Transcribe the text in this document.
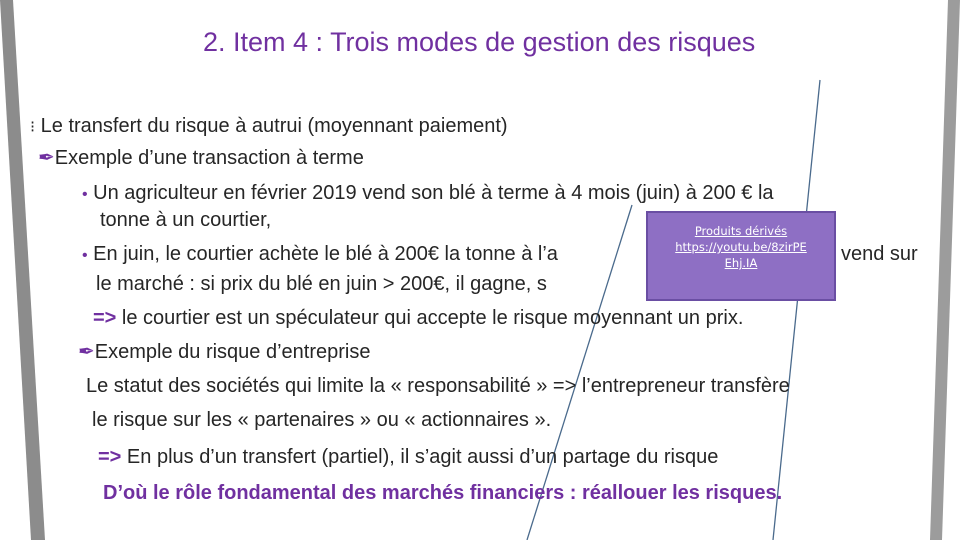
2. Item 4 : Trois modes de gestion des risques
⁝ Le transfert du risque à autrui (moyennant paiement)
✒Exemple d’une transaction à terme
• Un agriculteur en février 2019 vend son blé à terme à 4 mois (juin) à 200 € la
tonne à un courtier,
• En juin, le courtier achète le blé à 200€ la tonne à l’a	vend sur
le marché : si prix du blé en juin > 200€, il gagne, s
=> le courtier est un spéculateur qui accepte le risque moyennant un prix.
✒Exemple du risque d’entreprise
Le statut des sociétés qui limite la « responsabilité » => l’entrepreneur transfère
le risque sur les « partenaires » ou « actionnaires ».
=> En plus d’un transfert (partiel), il s’agit aussi d’un partage du risque
D’où le rôle fondamental des marchés financiers : réallouer les risques.
Produits dérivés
https://youtu.be/8zirPE
Ehj.IA
